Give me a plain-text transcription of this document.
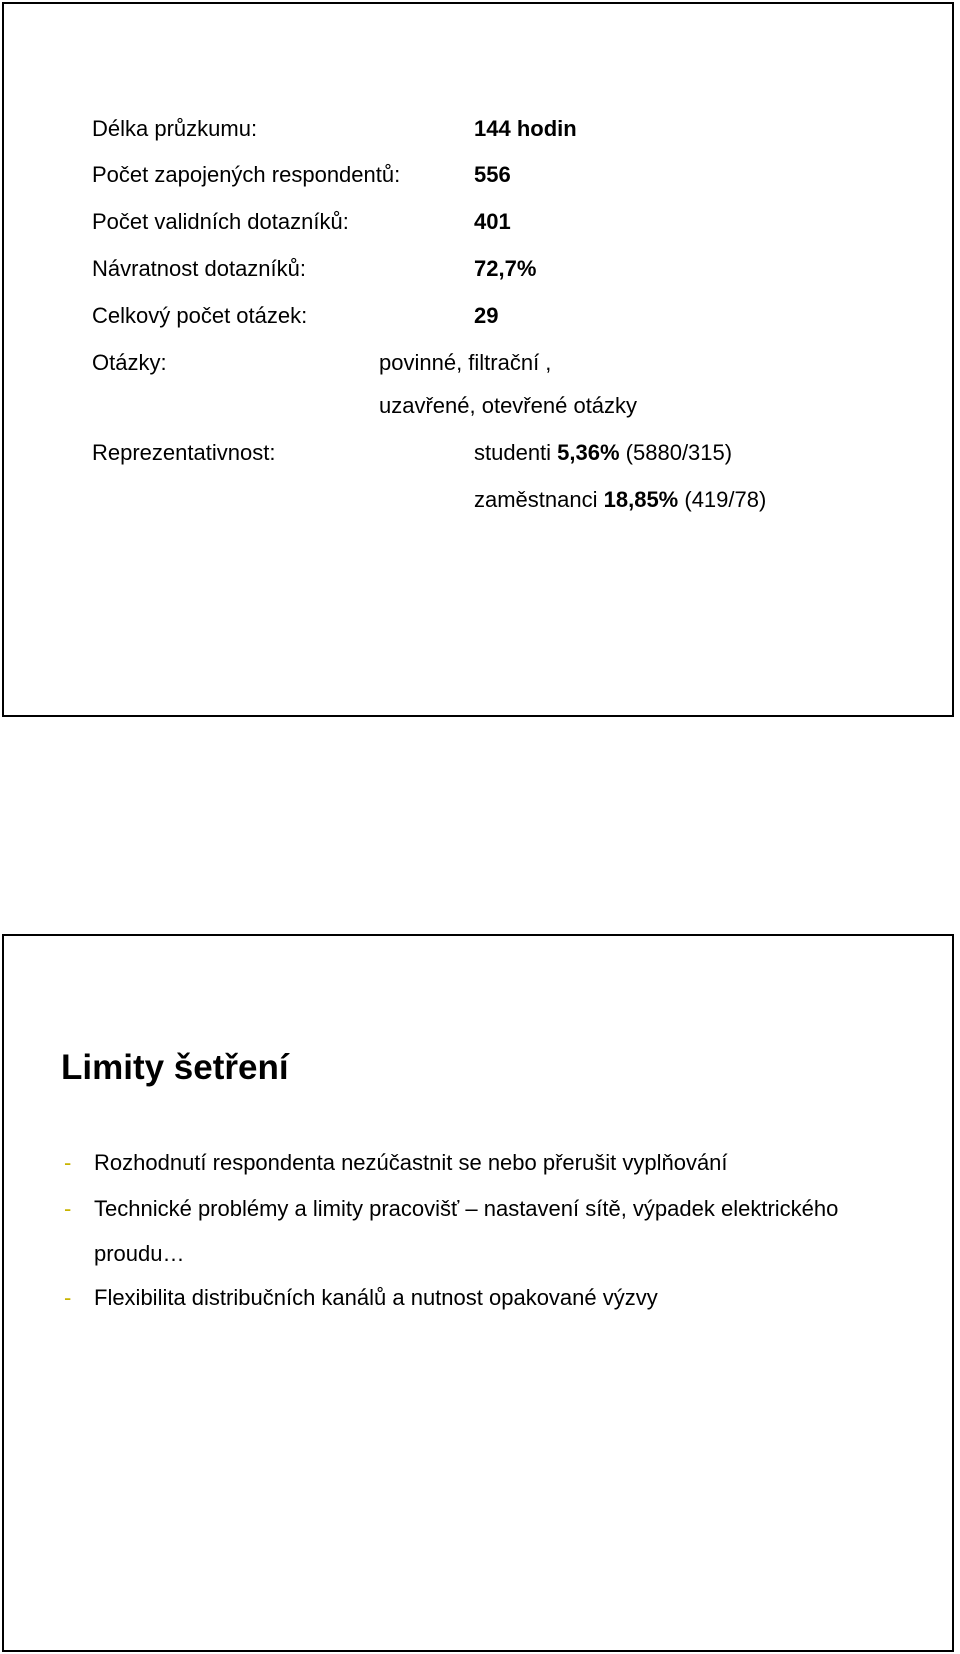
Délka průzkumu:	144 hodin
Počet zapojených respondentů:	556
Počet validních dotazníků:	401
Návratnost dotazníků:	72,7%
Celkový počet otázek:	29
Otázky:	povinné, filtrační ,
uzavřené, otevřené otázky
Reprezentativnost:	studenti 5,36% (5880/315)
zaměstnanci 18,85% (419/78)
Limity šetření
- Rozhodnutí respondenta nezúčastnit se nebo přerušit vyplňování
- Technické problémy a limity pracovišť – nastavení sítě, výpadek elektrického
proudu…
- Flexibilita distribučních kanálů a nutnost opakované výzvy
